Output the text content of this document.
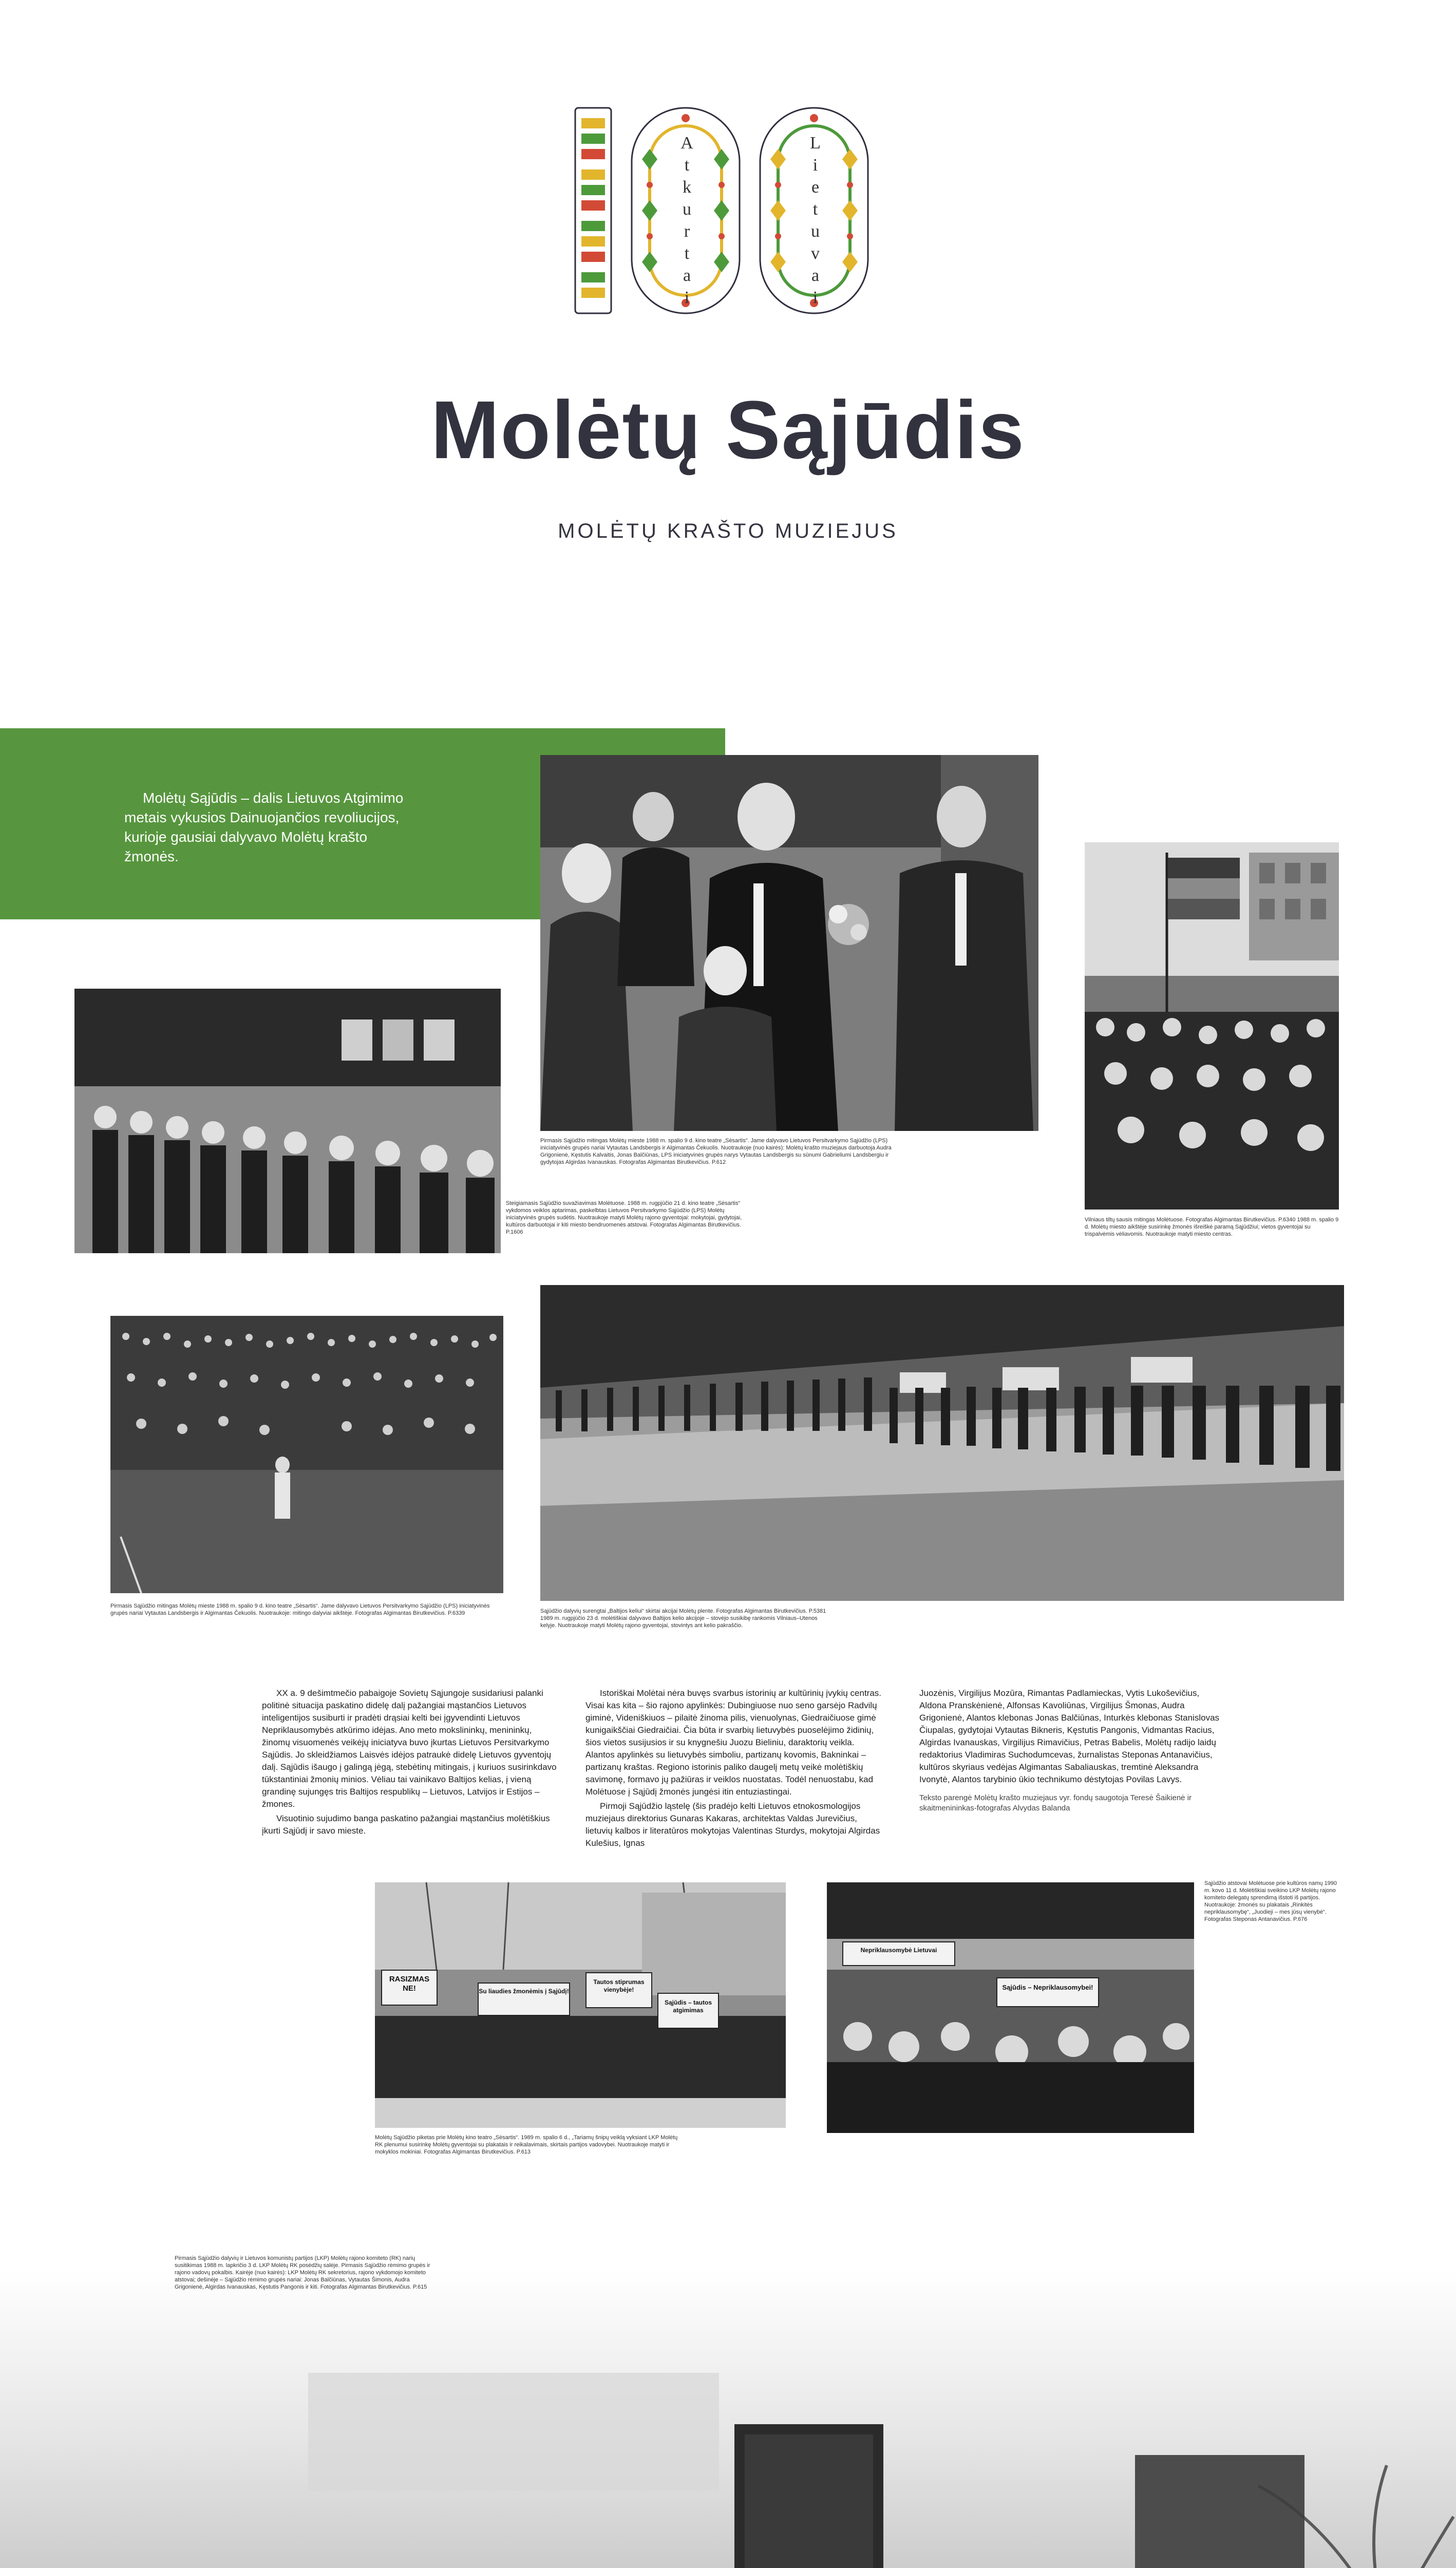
Atkurtai	Lietuvai
Molėtų Sąjūdis
MOLĖTŲ KRAŠTO MUZIEJUS
Molėtų Sąjūdis – dalis Lietuvos Atgimimo metais vykusios Dainuojančios revoliucijos, kurioje gausiai dalyvavo Molėtų krašto žmonės.
Pirmasis Sąjūdžio mitingas Molėtų mieste 1988 m. spalio 9 d. kino teatre „Sėsartis“. Jame dalyvavo Lietuvos Persitvarkymo Sąjūdžio (LPS) iniciatyvinės grupės nariai Vytautas Landsbergis ir Algimantas Čekuolis. Nuotraukoje (nuo kairės): Molėtų krašto muziejaus darbuotoja Audra Grigonienė, Kęstutis Kalvaitis, Jonas Balčiūnas, LPS iniciatyvinės grupės narys Vytautas Landsbergis su sūnumi Gabrieliumi Landsbergiu ir gydytojas Algirdas Ivanauskas. Fotografas Algimantas Birutkevičius. P.612
Steigiamasis Sąjūdžio suvažiavimas Molėtuose. 1988 m. rugpjūčio 21 d. kino teatre „Sėsartis“ vykdomos veiklos aptarimas, paskelbtas Lietuvos Persitvarkymo Sąjūdžio (LPS) Molėtų iniciatyvinės grupės sudėtis. Nuotraukoje matyti Molėtų rajono gyventojai: mokytojai, gydytojai, kultūros darbuotojai ir kiti miesto bendruomenės atstovai. Fotografas Algimantas Birutkevičius. P.1606
Vilniaus tiltų sausis mitingas Molėtuose. Fotografas Algimantas Birutkevičius. P.6340 1988 m. spalio 9 d. Molėtų miesto aikštėje susirinkę žmonės išreiškė paramą Sąjūdžiui; vietos gyventojai su trispalvėmis vėliavomis. Nuotraukoje matyti miesto centras.
Pirmasis Sąjūdžio mitingas Molėtų mieste 1988 m. spalio 9 d. kino teatre „Sėsartis“. Jame dalyvavo Lietuvos Persitvarkymo Sąjūdžio (LPS) iniciatyvinės grupės nariai Vytautas Landsbergis ir Algimantas Čekuolis. Nuotraukoje: mitingo dalyviai aikštėje. Fotografas Algimantas Birutkevičius. P.6339	Sąjūdžio dalyvių surengtai „Baltijos keliui“ skirtai akcijai Molėtų plente. Fotografas Algimantas Birutkevičius. P.5381 1989 m. rugpjūčio 23 d. molėtiškiai dalyvavo Baltijos kelio akcijoje – stovėjo susikibę rankomis Vilniaus–Utenos kelyje. Nuotraukoje matyti Molėtų rajono gyventojai, stovintys ant kelio pakraščio.

XX a. 9 dešimtmečio pabaigoje Sovietų Sąjungoje susidariusi palanki politinė situacija paskatino didelę dalį pažangiai mąstančios Lietuvos inteligentijos susiburti ir pradėti drąsiai kelti bei įgyvendinti Lietuvos Nepriklausomybės atkūrimo idėjas. Ano meto mokslininkų, menininkų, žinomų visuomenės veikėjų iniciatyva buvo įkurtas Lietuvos Persitvarkymo Sąjūdis. Jo skleidžiamos Laisvės idėjos patraukė didelę Lietuvos gyventojų dalį. Sąjūdis išaugo į galingą jėgą, stebėtinų mitingais, į kuriuos susirinkdavo tūkstantiniai žmonių minios. Vėliau tai vainikavo Baltijos kelias, į vieną grandinę sujungęs tris Baltijos respublikų – Lietuvos, Latvijos ir Estijos – žmones.

Visuotinio sujudimo banga paskatino pažangiai mąstančius molėtiškius įkurti Sąjūdį ir savo mieste.

Istoriškai Molėtai nėra buvęs svarbus istorinių ar kultūrinių įvykių centras. Visai kas kita – šio rajono apylinkės: Dubingiuose nuo seno garsėjo Radvilų giminė, Videniškiuos – pilaitė žinoma pilis, vienuolynas, Giedraičiuose gimė kunigaikščiai Giedraičiai. Čia būta ir svarbių lietuvybės puoselėjimo židinių, šios vietos susijusios ir su knygnešiu Juozu Bieliniu, daraktorių veikla. Alantos apylinkės su lietuvybės simboliu, partizanų kovomis, Bakninkai – partizanų kraštas. Regiono istorinis paliko daugelį metų veikė molėtiškių savimonę, formavo jų pažiūras ir veiklos nuostatas. Todėl nenuostabu, kad Molėtuose į Sąjūdį žmonės jungėsi itin entuziastingai.

Pirmoji Sąjūdžio ląstelę (šis pradėjo kelti Lietuvos etnokosmologijos muziejaus direktorius Gunaras Kakaras, architektas Valdas Jurevičius, lietuvių kalbos ir literatūros mokytojas Valentinas Sturdys, mokytojai Algirdas Kulešius, Ignas

Juozėnis, Virgilijus Mozūra, Rimantas Padlamieckas, Vytis Lukoševičius, Aldona Pranskėnienė, Alfonsas Kavoliūnas, Virgilijus Šmonas, Audra Grigonienė, Alantos klebonas Jonas Balčiūnas, Inturkės klebonas Stanislovas Čiupalas, gydytojai Vytautas Bikneris, Kęstutis Pangonis, Vidmantas Racius, Algirdas Ivanauskas, Virgilijus Rimavičius, Petras Babelis, Molėtų radijo laidų redaktorius Vladimiras Suchodumcevas, žurnalistas Steponas Antanavičius, kultūros skyriaus vedėjas Algimantas Sabaliauskas, tremtinė Aleksandra Ivonytė, Alantos tarybinio ūkio technikumo dėstytojas Povilas Lavys.

Teksto parengė Molėtų krašto muziejaus vyr. fondų saugotoja Teresė Šaikienė ir skaitmenininkas-fotografas Alvydas Balanda

RASIZMAS NE!	Su liaudies žmonėmis į Sąjūdį!
Tautos stiprumas vienybėje!
Sąjūdis – tautos atgimimas
Molėtų Sąjūdžio piketas prie Molėtų kino teatro „Sėsartis“. 1989 m. spalio 6 d., „Tariamų šnipų veiklą vyksiant LKP Molėtų RK plenumui susirinkę Molėtų gyventojai su plakatais ir reikalavimais, skirtais partijos vadovybei. Nuotraukoje matyti ir mokyklos mokiniai. Fotografas Algimantas Birutkevičius. P.613
Nepriklausomybė Lietuvai
Sąjūdis – Nepriklausomybei!
Sąjūdžio atstovai Molėtuose prie kultūros namų 1990 m. kovo 11 d. Molėtiškiai sveikino LKP Molėtų rajono komiteto delegatų sprendimą išstoti iš partijos. Nuotraukoje: žmonės su plakatais „Rinkitės nepriklausomybę“, „Juodieji – mes jūsų vienybė“. Fotografas Steponas Antanavičius. P.676
Pirmasis Sąjūdžio dalyvių ir Lietuvos komunistų partijos (LKP) Molėtų rajono komiteto (RK) narių susitikimas 1988 m. lapkričio 3 d. LKP Molėtų RK posėdžių salėje. Pirmasis Sąjūdžio rėmimo grupės ir rajono vadovų pokalbis. Kairėje (nuo kairės): LKP Molėtų RK sekretorius, rajono vykdomojo komiteto atstovai; dešinėje – Sąjūdžio rėmimo grupės nariai: Jonas Balčiūnas, Vytautas Šimonis, Audra Grigonienė, Algirdas Ivanauskas, Kęstutis Pangonis ir kiti. Fotografas Algimantas Birutkevičius. P.615
